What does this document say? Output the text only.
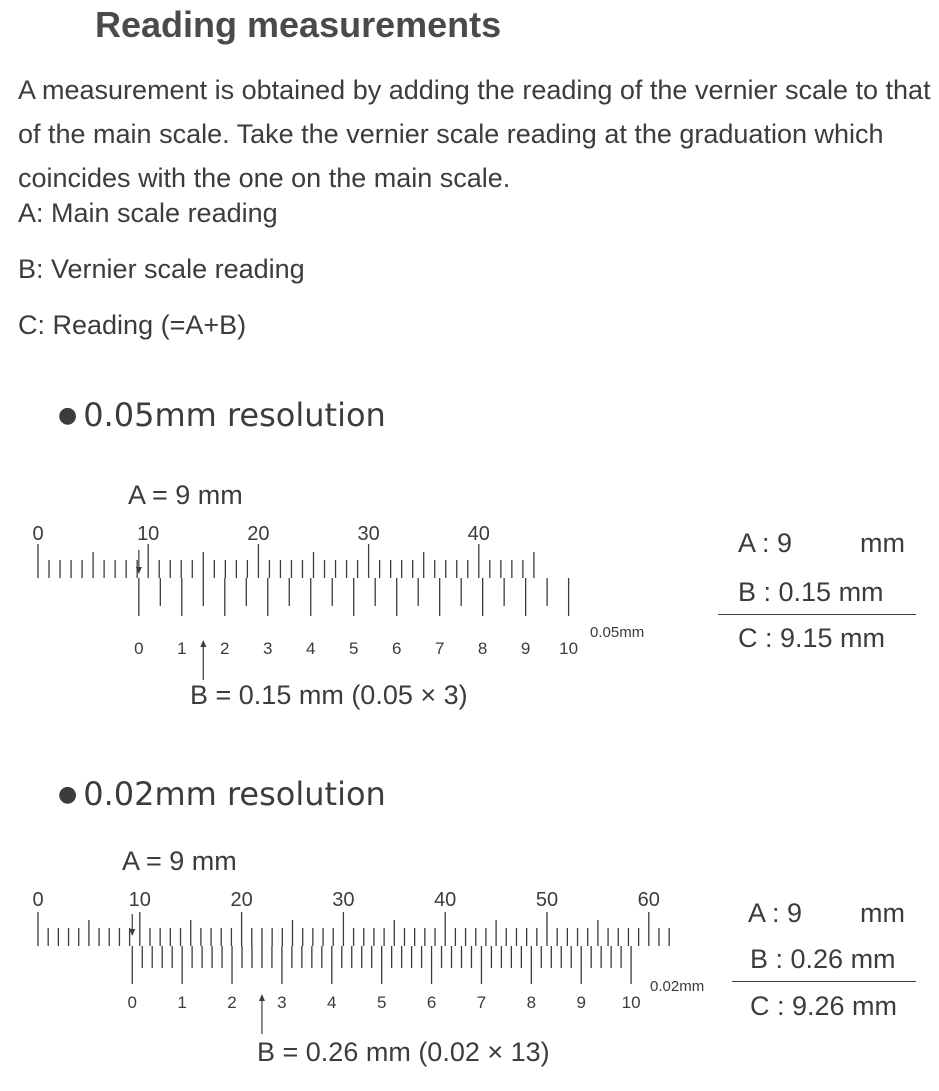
Reading measurements
A measurement is obtained by adding the reading of the vernier scale to that of the main scale. Take the vernier scale reading at the graduation which coincides with the one on the main scale.
A: Main scale reading
B: Vernier scale reading
C: Reading (=A+B)
● 0.05mm resolution
A = 9 mm
B = 0.15 mm (0.05 × 3)
0.05mm
A : 9	mm
B : 0.15 mm
C : 9.15 mm
● 0.02mm resolution
A = 9 mm
B = 0.26 mm (0.02 × 13)
0.02mm
A : 9 mm
B : 0.26 mm
C : 9.26 mm
0	10	20	30	40
0 1 2 3 4 5 6 7 8 9 10
0	10	20	30	40	50	60
0 1 2 3 4 5 6 7 8 9 10
